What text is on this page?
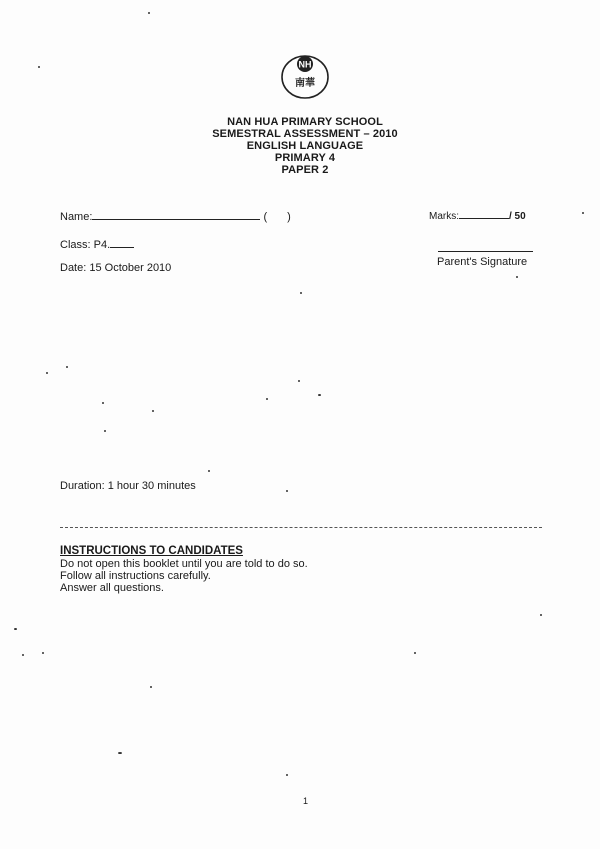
NH
南華
NAN HUA PRIMARY SCHOOL
SEMESTRAL ASSESSMENT – 2010
ENGLISH LANGUAGE
PRIMARY 4
PAPER 2
Name:	( )
Class: P4.
Date: 15 October 2010
Marks:	/ 50
Parent's Signature
Duration: 1 hour 30 minutes
INSTRUCTIONS TO CANDIDATES
Do not open this booklet until you are told to do so.
Follow all instructions carefully.
Answer all questions.
1
